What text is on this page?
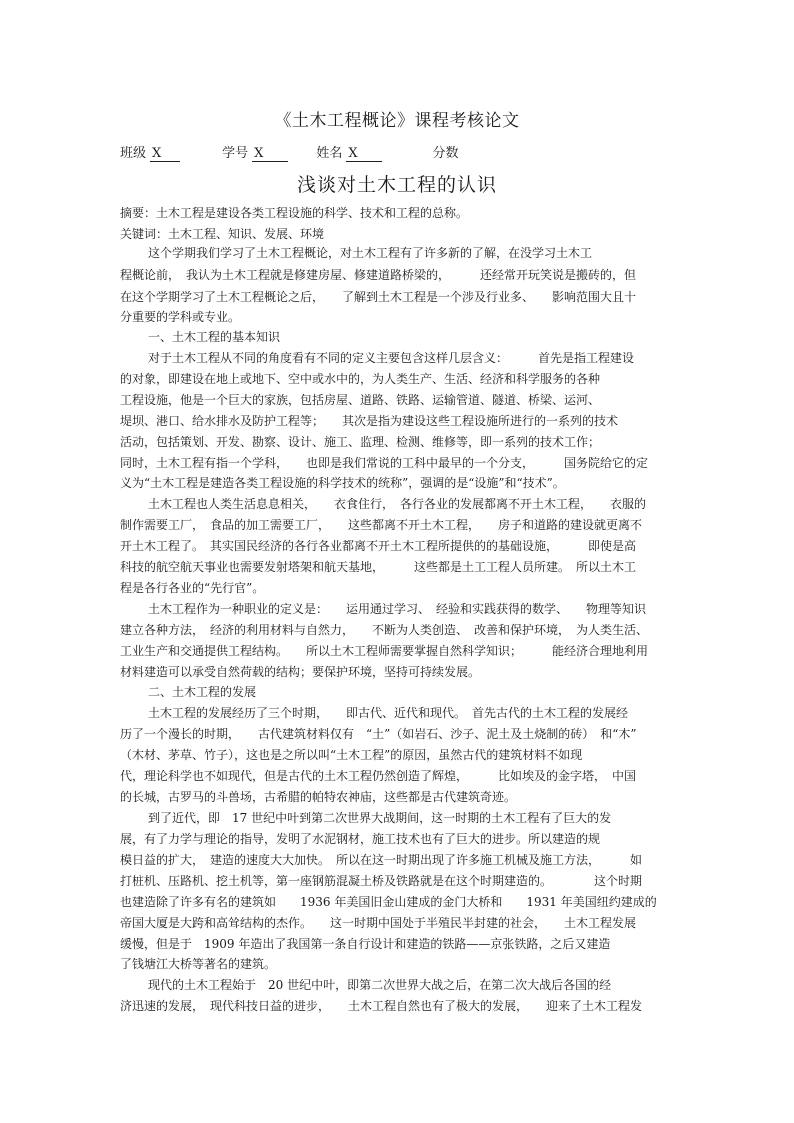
《土木工程概论》课程考核论文
班级 X	学号 X	姓名 X	分数
浅谈对土木工程的认识
摘要：土木工程是建设各类工程设施的科学、技术和工程的总称。
关键词：土木工程、知识、发展、环境
这个学期我们学习了土木工程概论，对土木工程有了许多新的了解，在没学习土木工
程概论前，　我认为土木工程就是修建房屋、修建道路桥梁的，　　　还经常开玩笑说是搬砖的，但
在这个学期学习了土木工程概论之后，　　了解到土木工程是一个涉及行业多、　　影响范围大且十
分重要的学科或专业。
一、土木工程的基本知识
对于土木工程从不同的角度看有不同的定义主要包含这样几层含义：　　　首先是指工程建设
的对象，即建设在地上或地下、空中或水中的，为人类生产、生活、经济和科学服务的各种
工程设施，他是一个巨大的家族，包括房屋、道路、铁路、运输管道、隧道、桥梁、运河、
堤坝、港口、给水排水及防护工程等；　　其次是指为建设这些工程设施所进行的一系列的技术
活动，包括策划、开发、勘察、设计、施工、监理、检测、维修等，即一系列的技术工作；
同时，土木工程有指一个学科，　　也即是我们常说的工科中最早的一个分支，　　　国务院给它的定
义为“土木工程是建造各类工程设施的科学技术的统称”，强调的是“设施”和“技术”。
土木工程也人类生活息息相关，　　衣食住行，　各行各业的发展都离不开土木工程，　　衣服的
制作需要工厂，　食品的加工需要工厂，　　这些都离不开土木工程，　　房子和道路的建设就更离不
开土木工程了。　其实国民经济的各行各业都离不开土木工程所提供的的基础设施，　　　即使是高
科技的航空航天事业也需要发射塔架和航天基地，　　　这些都是土工工程人员所建。　所以土木工
程是各行各业的“先行官”。
土木工程作为一种职业的定义是：　　运用通过学习、　经验和实践获得的数学、　　物理等知识
建立各种方法，　经济的利用材料与自然力，　　不断为人类创造、　改善和保护环境，　为人类生活、
工业生产和交通提供工程结构。　　所以土木工程师需要掌握自然科学知识；　　　能经济合理地利用
材料建造可以承受自然荷载的结构；要保护环境，坚持可持续发展。
二、土木工程的发展
土木工程的发展经历了三个时期，　　即古代、近代和现代。　首先古代的土木工程的发展经
历了一个漫长的时期，　　古代建筑材料仅有　“土”（如岩石、沙子、泥土及土烧制的砖）　和“木”
（木材、茅草、竹子），这也是之所以叫“土木工程”的原因，虽然古代的建筑材料不如现
代，理论科学也不如现代，但是古代的土木工程仍然创造了辉煌，　　　比如埃及的金字塔，　中国
的长城，古罗马的斗兽场，古希腊的帕特农神庙，这些都是古代建筑奇迹。
到了近代，即　17 世纪中叶到第二次世界大战期间，这一时期的土木工程有了巨大的发
展，有了力学与理论的指导，发明了水泥钢材，施工技术也有了巨大的进步。所以建造的规
模日益的扩大，　建造的速度大大加快。　所以在这一时期出现了许多施工机械及施工方法，　　　如
打桩机、压路机、挖土机等，第一座钢筋混凝土桥及铁路就是在这个时期建造的。　　　　这个时期
也建造除了许多有名的建筑如　　1936 年美国旧金山建成的金门大桥和　　1931 年美国纽约建成的
帝国大厦是大跨和高耸结构的杰作。　　这一时期中国处于半殖民半封建的社会，　　土木工程发展
缓慢，但是于　1909 年造出了我国第一条自行设计和建造的铁路——京张铁路，之后又建造
了钱塘江大桥等著名的建筑。
现代的土木工程始于　20 世纪中叶，即第二次世界大战之后，在第二次大战后各国的经
济迅速的发展，　现代科技日益的进步，　　土木工程自然也有了极大的发展，　　迎来了土木工程发
